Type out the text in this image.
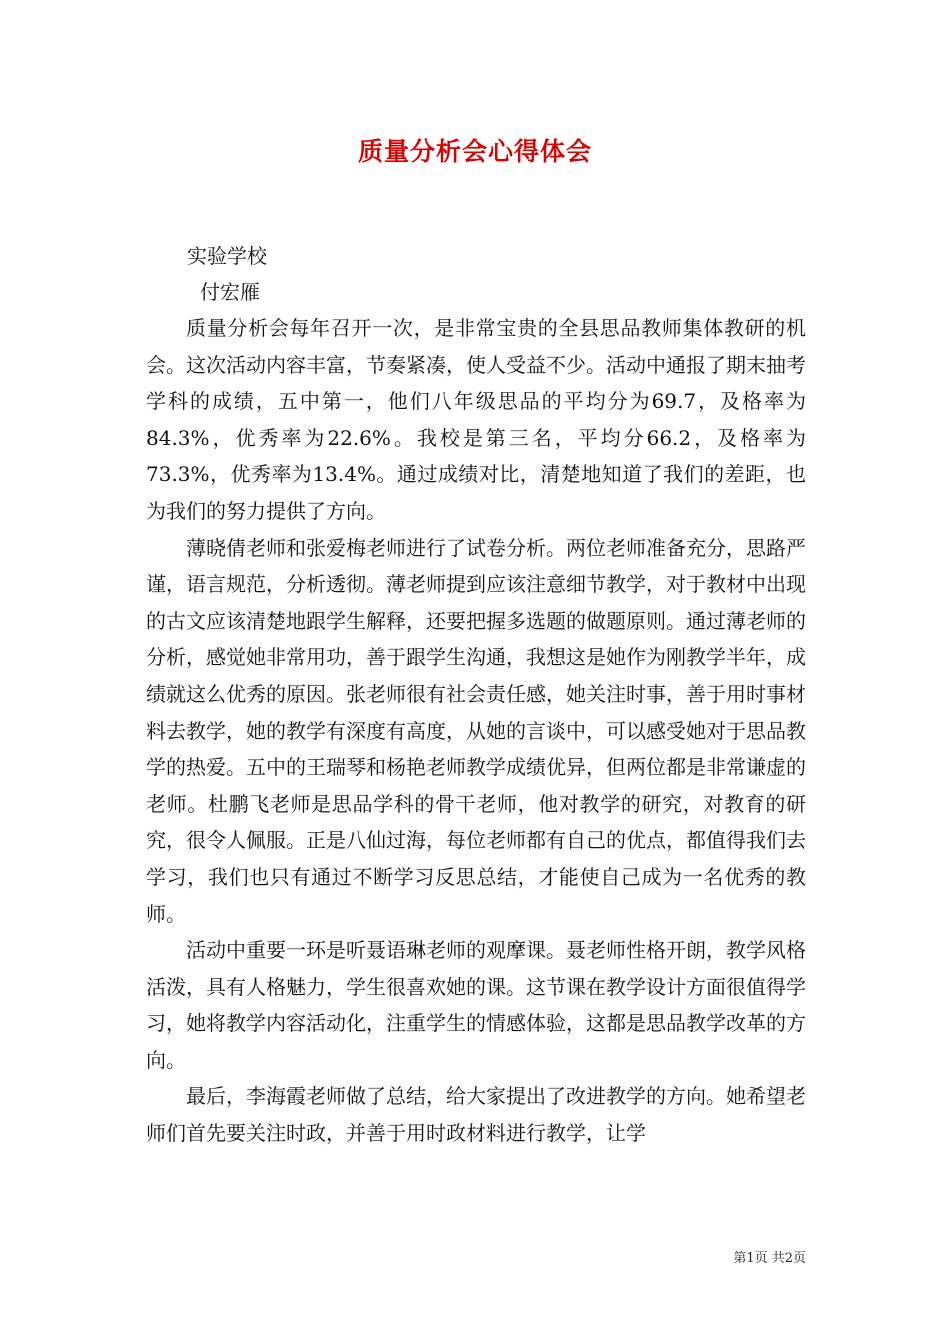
质量分析会心得体会
实验学校
付宏雁

质量分析会每年召开一次，是非常宝贵的全县思品教师集体教研的机会。这次活动内容丰富，节奏紧凑，使人受益不少。活动中通报了期末抽考学科的成绩，五中第一，他们八年级思品的平均分为69.7，及格率为84.3%，优秀率为22.6%。我校是第三名，平均分66.2，及格率为73.3%，优秀率为13.4%。通过成绩对比，清楚地知道了我们的差距，也为我们的努力提供了方向。

薄晓倩老师和张爱梅老师进行了试卷分析。两位老师准备充分，思路严谨，语言规范，分析透彻。薄老师提到应该注意细节教学，对于教材中出现的古文应该清楚地跟学生解释，还要把握多选题的做题原则。通过薄老师的分析，感觉她非常用功，善于跟学生沟通，我想这是她作为刚教学半年，成绩就这么优秀的原因。张老师很有社会责任感，她关注时事，善于用时事材料去教学，她的教学有深度有高度，从她的言谈中，可以感受她对于思品教学的热爱。五中的王瑞琴和杨艳老师教学成绩优异，但两位都是非常谦虚的老师。杜鹏飞老师是思品学科的骨干老师，他对教学的研究，对教育的研究，很令人佩服。正是八仙过海，每位老师都有自己的优点，都值得我们去学习，我们也只有通过不断学习反思总结，才能使自己成为一名优秀的教师。

活动中重要一环是听聂语琳老师的观摩课。聂老师性格开朗，教学风格活泼，具有人格魅力，学生很喜欢她的课。这节课在教学设计方面很值得学习，她将教学内容活动化，注重学生的情感体验，这都是思品教学改革的方向。

最后，李海霞老师做了总结，给大家提出了改进教学的方向。她希望老师们首先要关注时政，并善于用时政材料进行教学，让学

第1页 共2页
